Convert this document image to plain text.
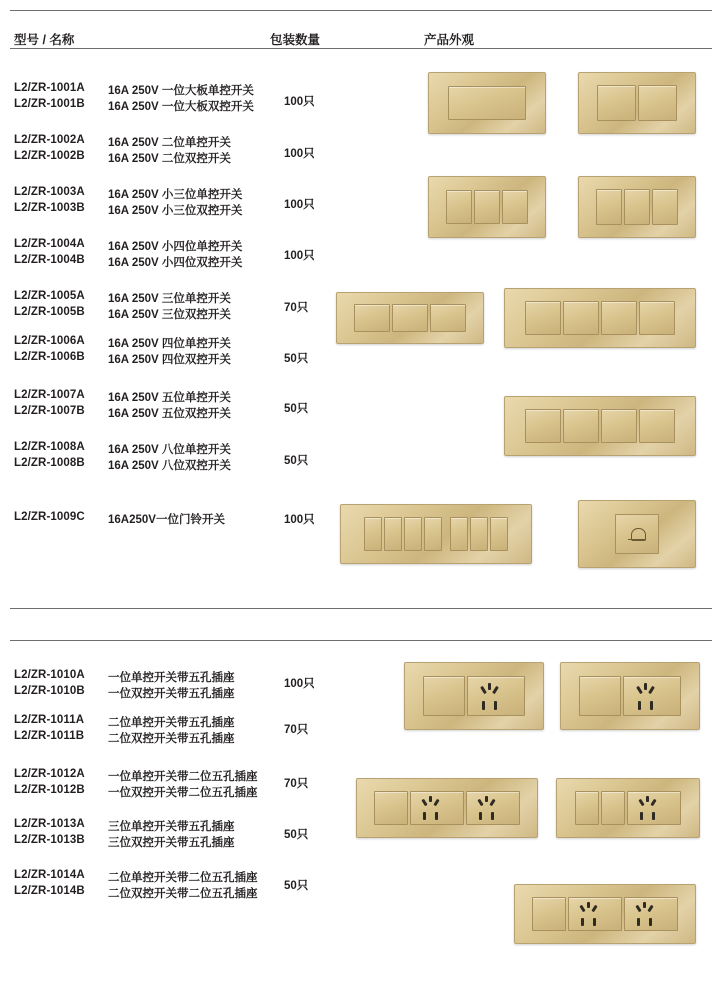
型号 / 名称	包装数量	产品外观
L2/ZR-1001A
L2/ZR-1001B
16A 250V 一位大板单控开关
16A 250V 一位大板双控开关	100只
L2/ZR-1002A
L2/ZR-1002B
16A 250V 二位单控开关
16A 250V 二位双控开关	100只
L2/ZR-1003A
L2/ZR-1003B
16A 250V 小三位单控开关
16A 250V 小三位双控开关	100只
L2/ZR-1004A
L2/ZR-1004B
16A 250V 小四位单控开关
16A 250V 小四位双控开关
100只
L2/ZR-1005A
L2/ZR-1005B
16A 250V 三位单控开关
16A 250V 三位双控开关
70只
L2/ZR-1006A
L2/ZR-1006B
16A 250V 四位单控开关
16A 250V 四位双控开关	50只
L2/ZR-1007A
L2/ZR-1007B
16A 250V 五位单控开关
16A 250V 五位双控开关	50只
L2/ZR-1008A
L2/ZR-1008B
16A 250V 八位单控开关
16A 250V 八位双控开关	50只
L2/ZR-1009C 16A250V一位门铃开关	100只
L2/ZR-1010A
L2/ZR-1010B
一位单控开关带五孔插座
一位双控开关带五孔插座
100只
L2/ZR-1011A
L2/ZR-1011B
二位单控开关带五孔插座
二位双控开关带五孔插座
70只
L2/ZR-1012A
L2/ZR-1012B
一位单控开关带二位五孔插座
一位双控开关带二位五孔插座
70只
L2/ZR-1013A
L2/ZR-1013B
三位单控开关带五孔插座
三位双控开关带五孔插座
50只
L2/ZR-1014A
L2/ZR-1014B
二位单控开关带二位五孔插座
二位双控开关带二位五孔插座
50只
